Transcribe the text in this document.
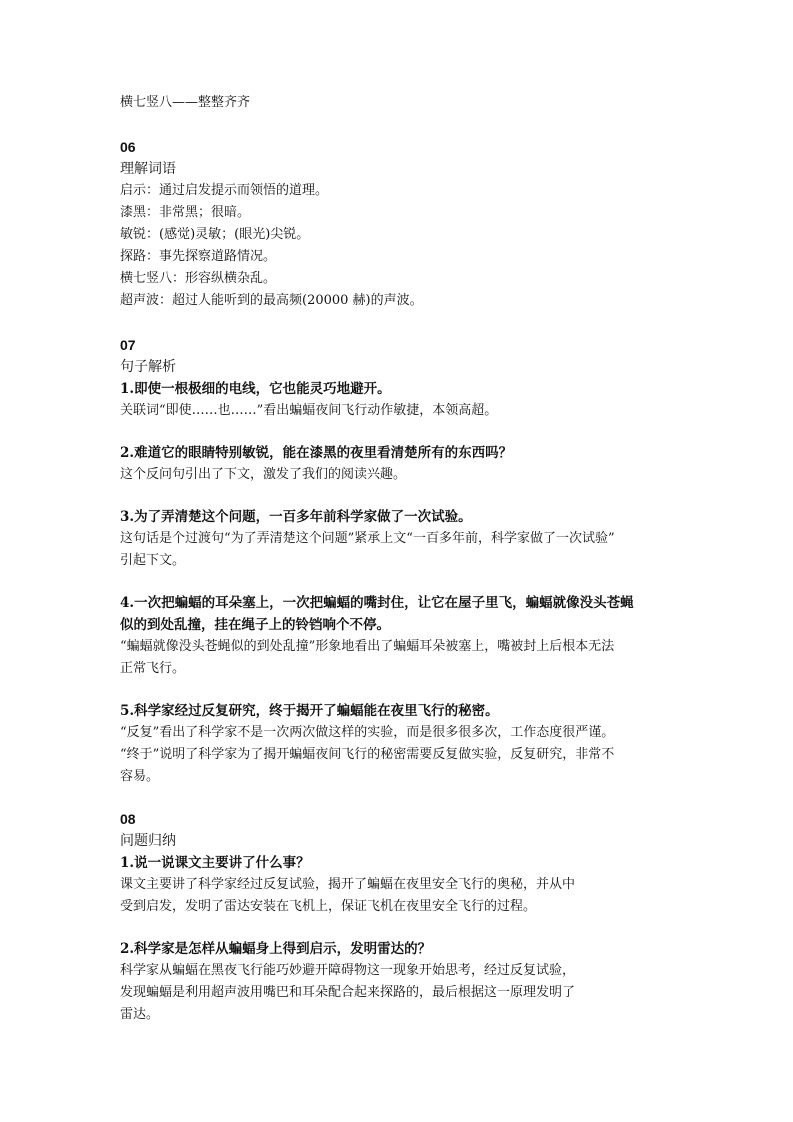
横七竖八——整整齐齐

06

理解词语

启示：通过启发提示而领悟的道理。

漆黑：非常黑；很暗。

敏锐：(感觉)灵敏；(眼光)尖锐。

探路：事先探察道路情况。

横七竖八：形容纵横杂乱。

超声波：超过人能听到的最高频(20000 赫)的声波。

07

句子解析

1.即使一根极细的电线，它也能灵巧地避开。

关联词“即使……也……”看出蝙蝠夜间飞行动作敏捷，本领高超。

2.难道它的眼睛特别敏锐，能在漆黑的夜里看清楚所有的东西吗？

这个反问句引出了下文，激发了我们的阅读兴趣。

3.为了弄清楚这个问题，一百多年前科学家做了一次试验。

这句话是个过渡句“为了弄清楚这个问题”紧承上文“一百多年前，科学家做了一次试验”

引起下文。

4.一次把蝙蝠的耳朵塞上，一次把蝙蝠的嘴封住，让它在屋子里飞，蝙蝠就像没头苍蝇

似的到处乱撞，挂在绳子上的铃铛响个不停。

“蝙蝠就像没头苍蝇似的到处乱撞”形象地看出了蝙蝠耳朵被塞上，嘴被封上后根本无法

正常飞行。

5.科学家经过反复研究，终于揭开了蝙蝠能在夜里飞行的秘密。

“反复”看出了科学家不是一次两次做这样的实验，而是很多很多次，工作态度很严谨。

“终于”说明了科学家为了揭开蝙蝠夜间飞行的秘密需要反复做实验，反复研究，非常不

容易。

08

问题归纳

1.说一说课文主要讲了什么事？

课文主要讲了科学家经过反复试验，揭开了蝙蝠在夜里安全飞行的奥秘，并从中

受到启发，发明了雷达安装在飞机上，保证飞机在夜里安全飞行的过程。

2.科学家是怎样从蝙蝠身上得到启示，发明雷达的？

科学家从蝙蝠在黑夜飞行能巧妙避开障碍物这一现象开始思考，经过反复试验，

发现蝙蝠是利用超声波用嘴巴和耳朵配合起来探路的，最后根据这一原理发明了

雷达。
